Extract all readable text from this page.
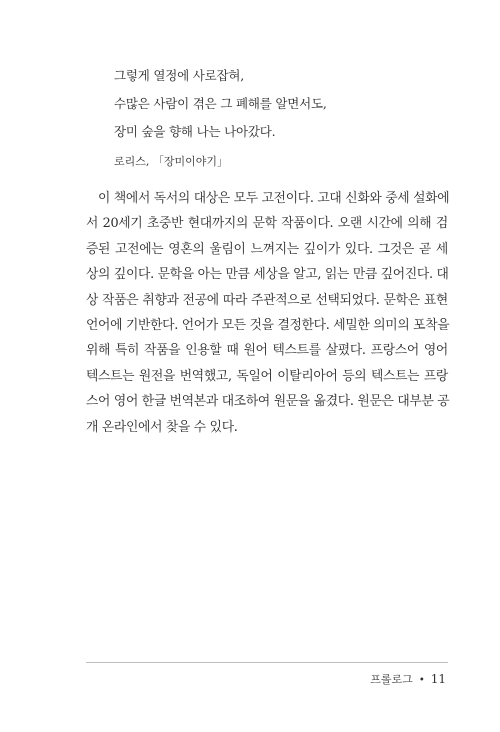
그렇게 열정에 사로잡혀,
수많은 사람이 겪은 그 폐해를 알면서도,
장미 숲을 향해 나는 나아갔다.
로리스, 「장미이야기」
이 책에서 독서의 대상은 모두 고전이다. 고대 신화와 중세 설화에
서 20세기 초중반 현대까지의 문학 작품이다. 오랜 시간에 의해 검
증된 고전에는 영혼의 울림이 느껴지는 깊이가 있다. 그것은 곧 세
상의 깊이다. 문학을 아는 만큼 세상을 알고, 읽는 만큼 깊어진다. 대
상 작품은 취향과 전공에 따라 주관적으로 선택되었다. 문학은 표현
언어에 기반한다. 언어가 모든 것을 결정한다. 세밀한 의미의 포착을
위해 특히 작품을 인용할 때 원어 텍스트를 살폈다. 프랑스어 영어
텍스트는 원전을 번역했고, 독일어 이탈리아어 등의 텍스트는 프랑
스어 영어 한글 번역본과 대조하여 원문을 옮겼다. 원문은 대부분 공
개 온라인에서 찾을 수 있다.
프롤로그 • 11
